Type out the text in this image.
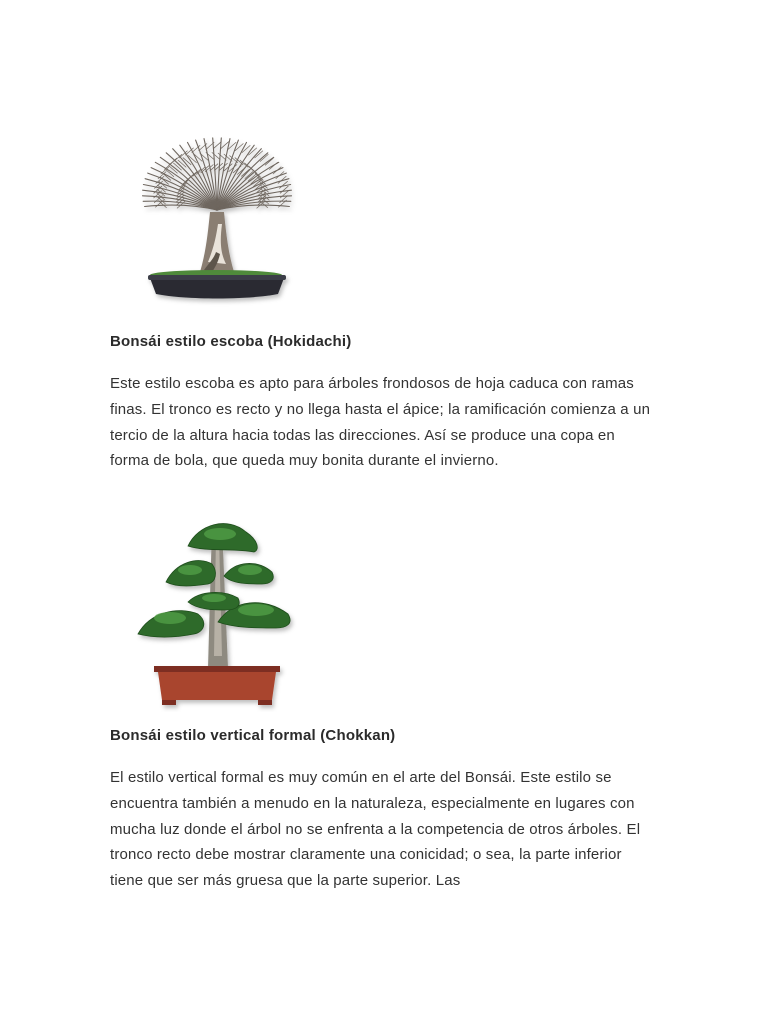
Bonsái estilo escoba (Hokidachi)

Este estilo escoba es apto para árboles frondosos de hoja caduca con ramas finas. El tronco es recto y no llega hasta el ápice; la ramificación comienza a un tercio de la altura hacia todas las direcciones. Así se produce una copa en forma de bola, que queda muy bonita durante el invierno.

Bonsái estilo vertical formal (Chokkan)

El estilo vertical formal es muy común en el arte del Bonsái. Este estilo se encuentra también a menudo en la naturaleza, especialmente en lugares con mucha luz donde el árbol no se enfrenta a la competencia de otros árboles. El tronco recto debe mostrar claramente una conicidad; o sea, la parte inferior tiene que ser más gruesa que la parte superior. Las
